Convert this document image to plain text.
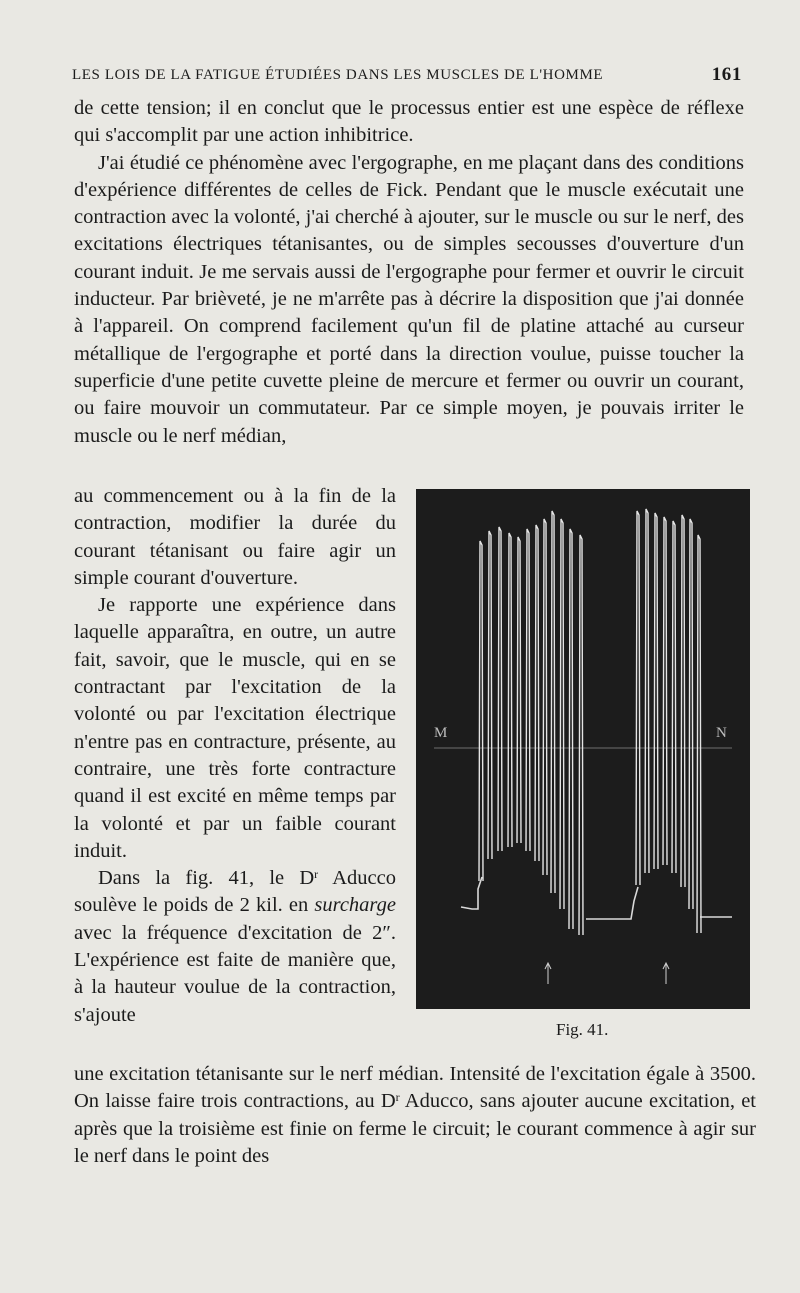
LES LOIS DE LA FATIGUE ÉTUDIÉES DANS LES MUSCLES DE L'HOMME	161

de cette tension; il en conclut que le processus entier est une espèce de réflexe qui s'accomplit par une action inhibitrice.

J'ai étudié ce phénomène avec l'ergographe, en me plaçant dans des conditions d'expérience différentes de celles de Fick. Pendant que le muscle exécutait une contraction avec la volonté, j'ai cherché à ajouter, sur le muscle ou sur le nerf, des excitations électriques tétanisantes, ou de simples secousses d'ouverture d'un courant induit. Je me servais aussi de l'ergographe pour fermer et ouvrir le circuit inducteur. Par brièveté, je ne m'arrête pas à décrire la disposition que j'ai donnée à l'appareil. On comprend facilement qu'un fil de platine attaché au curseur métallique de l'ergographe et porté dans la direction voulue, puisse toucher la superficie d'une petite cuvette pleine de mercure et fermer ou ouvrir un courant, ou faire mouvoir un commutateur. Par ce simple moyen, je pouvais irriter le muscle ou le nerf médian,

au commencement ou à la fin de la contraction, modifier la durée du courant tétanisant ou faire agir un simple courant d'ouverture.

Je rapporte une expérience dans laquelle apparaîtra, en outre, un autre fait, savoir, que le muscle, qui en se contractant par l'excitation de la volonté ou par l'excitation électrique n'entre pas en contracture, présente, au contraire, une très forte contracture quand il est excité en même temps par la volonté et par un faible courant induit.

Dans la fig. 41, le $D^r$ Aducco soulève le poids de 2 kil. en surcharge avec la fréquence d'excitation de 2″. L'expérience est faite de manière que, à la hauteur voulue de la contraction, s'ajoute

M	N
Fig. 41.

une excitation tétanisante sur le nerf médian. Intensité de l'excitation égale à 3500. On laisse faire trois contractions, au $D^r$ Aducco, sans ajouter aucune excitation, et après que la troisième est finie on ferme le circuit; le courant commence à agir sur le nerf dans le point des
